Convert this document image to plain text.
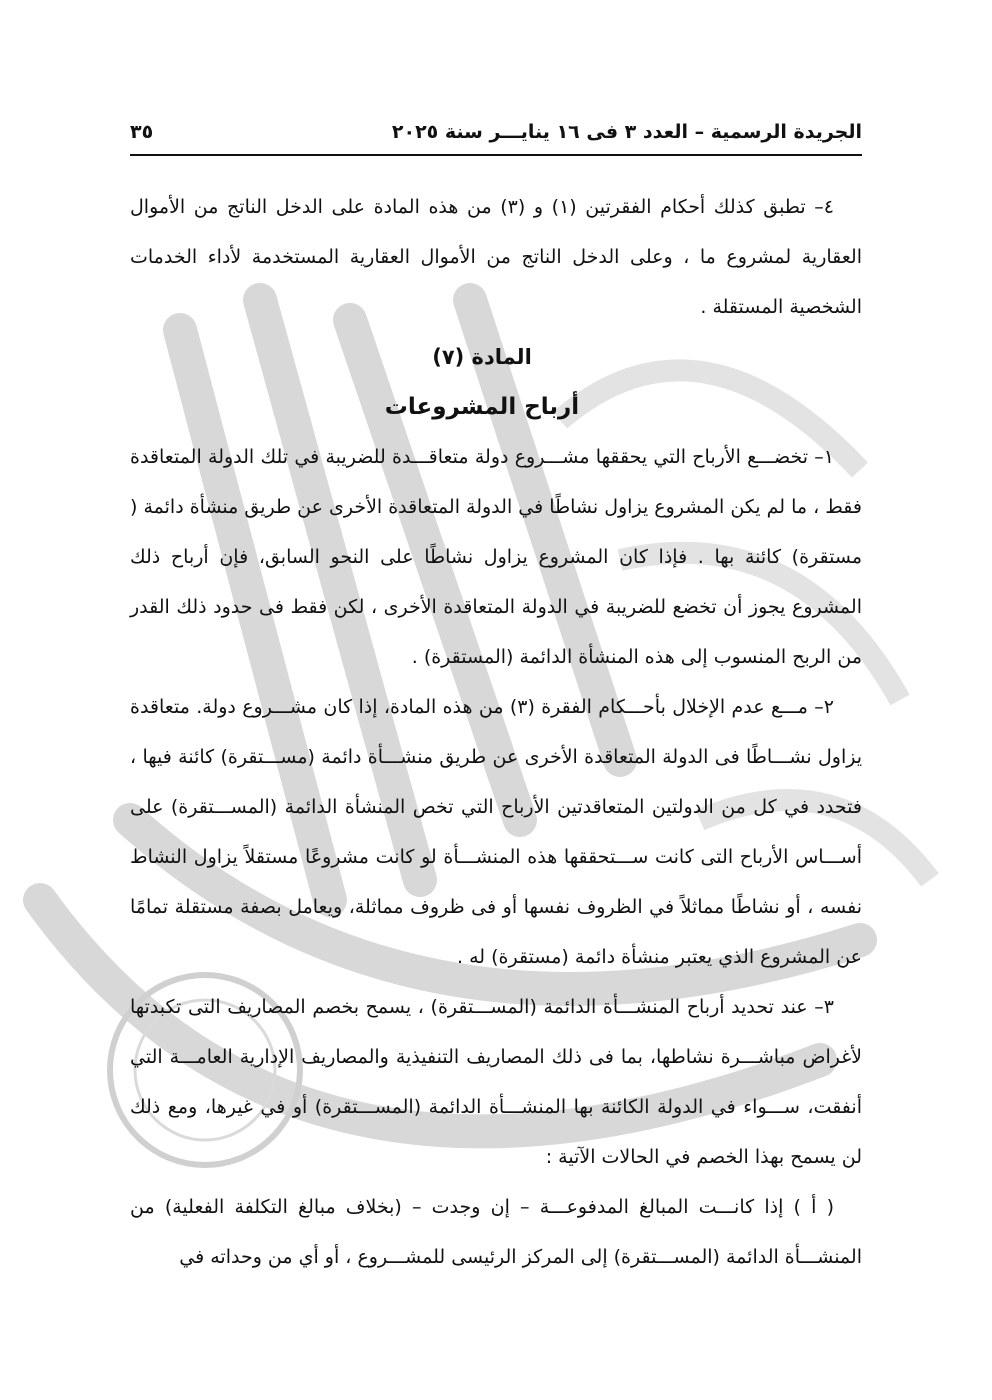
الجريدة الرسمية – العدد ٣ فى ١٦ ينايـــر سنة ٢٠٢٥
٣٥

٤– تطبق كذلك أحكام الفقرتين (١) و (٣) من هذه المادة على الدخل الناتج من الأموال العقارية لمشروع ما ، وعلى الدخل الناتج من الأموال العقارية المستخدمة لأداء الخدمات الشخصية المستقلة .

المادة (٧)

أرباح المشروعات

١– تخضـــع الأرباح التي يحققها مشـــروع دولة متعاقـــدة للضريبة في تلك الدولة المتعاقدة فقط ، ما لم يكن المشروع يزاول نشاطًا في الدولة المتعاقدة الأخرى عن طريق منشأة دائمة ( مستقرة) كائنة بها . فإذا كان المشروع يزاول نشاطًا على النحو السابق، فإن أرباح ذلك المشروع يجوز أن تخضع للضريبة في الدولة المتعاقدة الأخرى ، لكن فقط فى حدود ذلك القدر من الربح المنسوب إلى هذه المنشأة الدائمة (المستقرة) .

٢– مـــع عدم الإخلال بأحـــكام الفقرة (٣) من هذه المادة، إذا كان مشـــروع دولة. متعاقدة يزاول نشـــاطًا فى الدولة المتعاقدة الأخرى عن طريق منشـــأة دائمة (مســـتقرة) كائنة فيها ، فتحدد في كل من الدولتين المتعاقدتين الأرباح التي تخص المنشأة الدائمة (المســـتقرة) على أســـاس الأرباح التى كانت ســـتحققها هذه المنشـــأة لو كانت مشروعًا مستقلاً يزاول النشاط نفسه ، أو نشاطًا مماثلاً في الظروف نفسها أو فى ظروف مماثلة، ويعامل بصفة مستقلة تمامًا عن المشروع الذي يعتبر منشأة دائمة (مستقرة) له .

٣– عند تحديد أرباح المنشـــأة الدائمة (المســـتقرة) ، يسمح بخصم المصاريف التى تكبدتها لأغراض مباشـــرة نشاطها، بما فى ذلك المصاريف التنفيذية والمصاريف الإدارية العامـــة التي أنفقت، ســـواء في الدولة الكائنة بها المنشـــأة الدائمة (المســـتقرة) أو في غيرها، ومع ذلك لن يسمح بهذا الخصم في الحالات الآتية :

( أ ) إذا كانـــت المبالغ المدفوعـــة – إن وجدت – (بخلاف مبالغ التكلفة الفعلية) من المنشـــأة الدائمة (المســـتقرة) إلى المركز الرئيسى للمشـــروع ، أو أي من وحداته في
